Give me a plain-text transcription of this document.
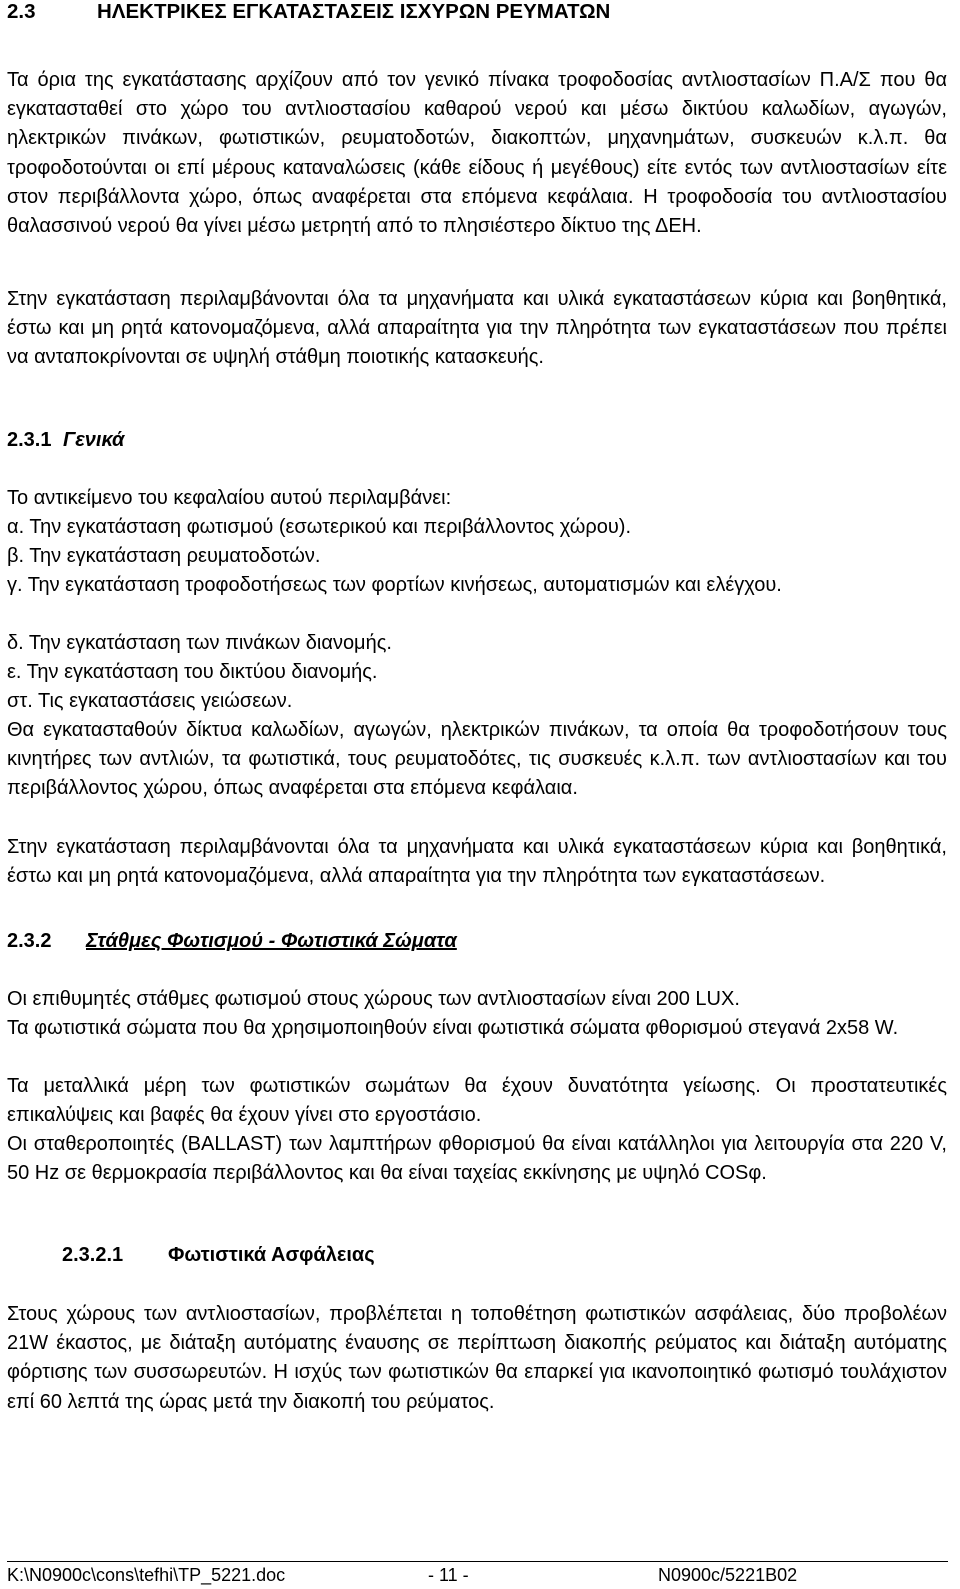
2.3	ΗΛΕΚΤΡΙΚΕΣ ΕΓΚΑΤΑΣΤΑΣΕΙΣ ΙΣΧΥΡΩΝ ΡΕΥΜΑΤΩΝ

Τα όρια της εγκατάστασης αρχίζουν από τον γενικό πίνακα τροφοδοσίας αντλιοστασίων Π.Α/Σ που θα εγκατασταθεί στο χώρο του αντλιοστασίου καθαρού νερού και μέσω δικτύου καλωδίων, αγωγών, ηλεκτρικών πινάκων, φωτιστικών, ρευματοδοτών, διακοπτών, μηχανημάτων, συσκευών κ.λ.π. θα τροφοδοτούνται οι επί μέρους καταναλώσεις (κάθε είδους ή μεγέθους) είτε εντός των αντλιοστασίων είτε στον περιβάλλοντα χώρο, όπως αναφέρεται στα επόμενα κεφάλαια. Η τροφοδοσία του αντλιοστασίου θαλασσινού νερού θα γίνει μέσω μετρητή από το πλησιέστερο δίκτυο της ΔΕΗ.

Στην εγκατάσταση περιλαμβάνονται όλα τα μηχανήματα και υλικά εγκαταστάσεων κύρια και βοηθητικά, έστω και μη ρητά κατονομαζόμενα, αλλά απαραίτητα για την πληρότητα των εγκαταστάσεων που πρέπει να ανταποκρίνονται σε υψηλή στάθμη ποιοτικής κατασκευής.

2.3.1 Γενικά
Το αντικείμενο του κεφαλαίου αυτού περιλαμβάνει:
α. Την εγκατάσταση φωτισμού (εσωτερικού και περιβάλλοντος χώρου).
β. Την εγκατάσταση ρευματοδοτών.

γ. Την εγκατάσταση τροφοδοτήσεως των φορτίων κινήσεως, αυτοματισμών και ελέγχου.

δ. Την εγκατάσταση των πινάκων διανομής.
ε. Την εγκατάσταση του δικτύου διανομής.
στ. Τις εγκαταστάσεις γειώσεων.

Θα εγκατασταθούν δίκτυα καλωδίων, αγωγών, ηλεκτρικών πινάκων, τα οποία θα τροφοδοτήσουν τους κινητήρες των αντλιών, τα φωτιστικά, τους ρευματοδότες, τις συσκευές κ.λ.π. των αντλιοστασίων και του περιβάλλοντος χώρου, όπως αναφέρεται στα επόμενα κεφάλαια.

Στην εγκατάσταση περιλαμβάνονται όλα τα μηχανήματα και υλικά εγκαταστάσεων κύρια και βοηθητικά, έστω και μη ρητά κατονομαζόμενα, αλλά απαραίτητα για την πληρότητα των εγκαταστάσεων.

2.3.2 Στάθμες Φωτισμού - Φωτιστικά Σώματα

Οι επιθυμητές στάθμες φωτισμού στους χώρους των αντλιοστασίων είναι 200 LUX.

Τα φωτιστικά σώματα που θα χρησιμοποιηθούν είναι φωτιστικά σώματα φθορισμού στεγανά 2x58 W.

Τα μεταλλικά μέρη των φωτιστικών σωμάτων θα έχουν δυνατότητα γείωσης. Οι προστατευτικές επικαλύψεις και βαφές θα έχουν γίνει στο εργοστάσιο.

Οι σταθεροποιητές (BALLAST) των λαμπτήρων φθορισμού θα είναι κατάλληλοι για λειτουργία στα 220 V, 50 Hz σε θερμοκρασία περιβάλλοντος και θα είναι ταχείας εκκίνησης με υψηλό COSφ.

2.3.2.1 Φωτιστικά Ασφάλειας

Στους χώρους των αντλιοστασίων, προβλέπεται η τοποθέτηση φωτιστικών ασφάλειας, δύο προβολέων 21W έκαστος, με διάταξη αυτόματης έναυσης σε περίπτωση διακοπής ρεύματος και διάταξη αυτόματης φόρτισης των συσσωρευτών. Η ισχύς των φωτιστικών θα επαρκεί για ικανοποιητικό φωτισμό τουλάχιστον επί 60 λεπτά της ώρας μετά την διακοπή του ρεύματος.

K:\N0900c\cons\tefhi\TP_5221.doc	- 11 -	N0900c/5221B02
